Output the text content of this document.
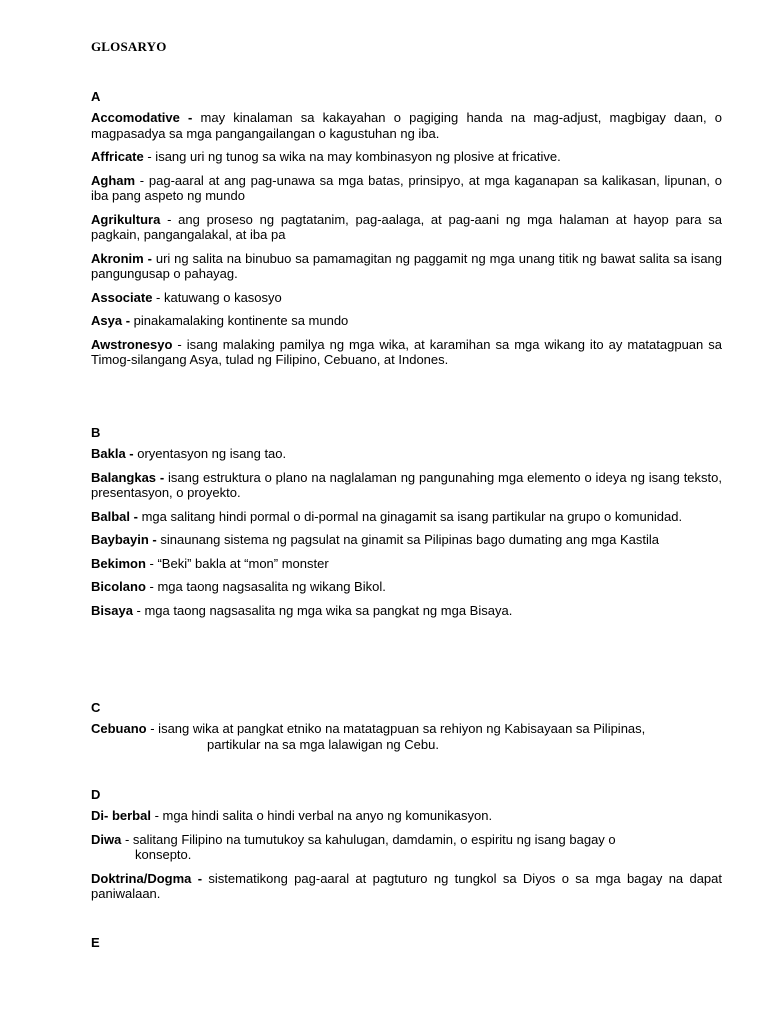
GLOSARYO
A

Accomodative - may kinalaman sa kakayahan o pagiging handa na mag-adjust, magbigay daan, o magpasadya sa mga pangangailangan o kagustuhan ng iba.

Affricate - isang uri ng tunog sa wika na may kombinasyon ng plosive at fricative.

Agham - pag-aaral at ang pag-unawa sa mga batas, prinsipyo, at mga kaganapan sa kalikasan, lipunan, o iba pang aspeto ng mundo

Agrikultura - ang proseso ng pagtatanim, pag-aalaga, at pag-aani ng mga halaman at hayop para sa pagkain, pangangalakal, at iba pa

Akronim - uri ng salita na binubuo sa pamamagitan ng paggamit ng mga unang titik ng bawat salita sa isang pangungusap o pahayag.

Associate - katuwang o kasosyo

Asya - pinakamalaking kontinente sa mundo

Awstronesyo - isang malaking pamilya ng mga wika, at karamihan sa mga wikang ito ay matatagpuan sa Timog-silangang Asya, tulad ng Filipino, Cebuano, at Indones.

B

Bakla - oryentasyon ng isang tao.

Balangkas - isang estruktura o plano na naglalaman ng pangunahing mga elemento o ideya ng isang teksto, presentasyon, o proyekto.

Balbal - mga salitang hindi pormal o di-pormal na ginagamit sa isang partikular na grupo o komunidad.

Baybayin - sinaunang sistema ng pagsulat na ginamit sa Pilipinas bago dumating ang mga Kastila

Bekimon - “Beki” bakla at “mon” monster

Bicolano - mga taong nagsasalita ng wikang Bikol.

Bisaya - mga taong nagsasalita ng mga wika sa pangkat ng mga Bisaya.

C

Cebuano - isang wika at pangkat etniko na matatagpuan sa rehiyon ng Kabisayaan sa Pilipinas,
partikular na sa mga lalawigan ng Cebu.

D

Di- berbal - mga hindi salita o hindi verbal na anyo ng komunikasyon.

Diwa - salitang Filipino na tumutukoy sa kahulugan, damdamin, o espiritu ng isang bagay o
konsepto.

Doktrina/Dogma - sistematikong pag-aaral at pagtuturo ng tungkol sa Diyos o sa mga bagay na dapat paniwalaan.

E
